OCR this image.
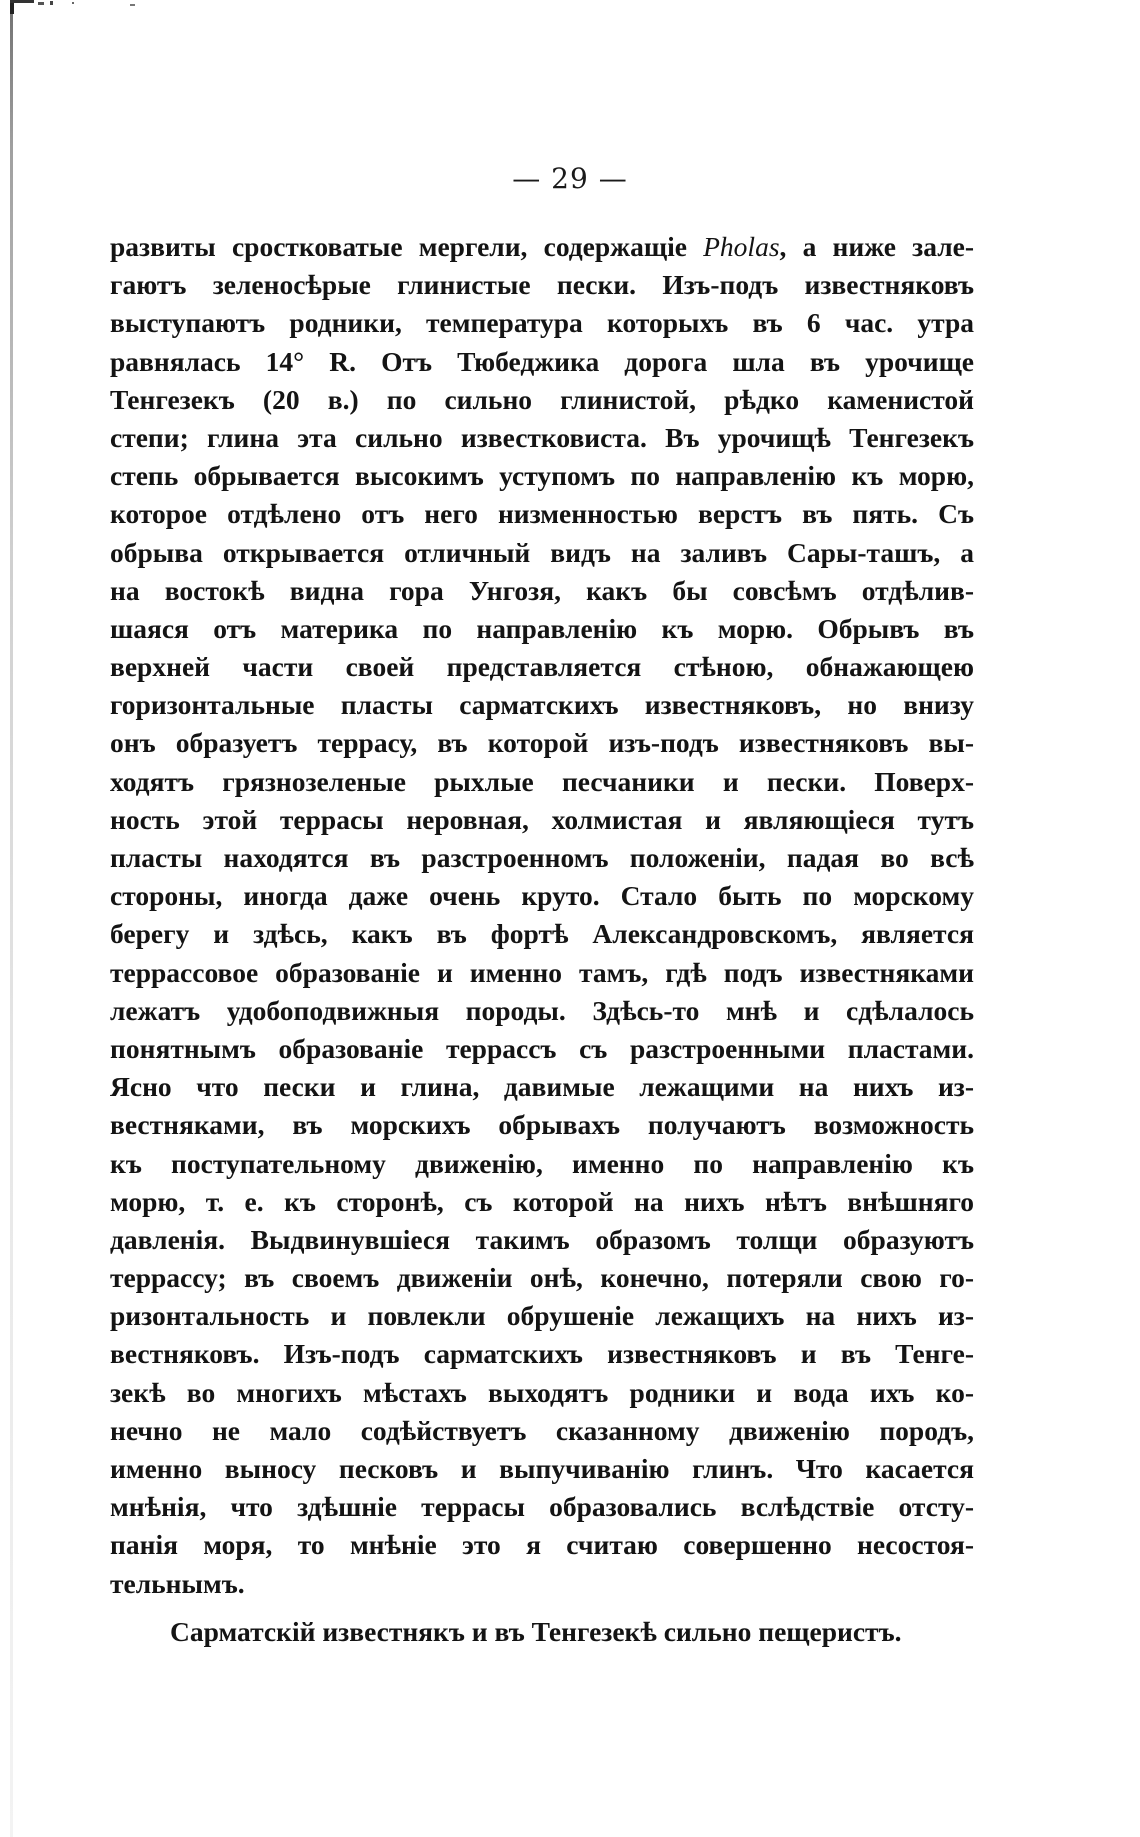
— 29 —
развиты сростковатые мергели, содержащіе Pholas, а ниже зале-
гаютъ зеленосѣрые глинистые пески. Изъ-подъ известняковъ
выступаютъ родники, температура которыхъ въ 6 час. утра
равнялась 14° R. Отъ Тюбеджика дорога шла въ урочище
Тенгезекъ (20 в.) по сильно глинистой, рѣдко каменистой
степи; глина эта сильно известковиста. Въ урочищѣ Тенгезекъ
степь обрывается высокимъ уступомъ по направленію къ морю,
которое отдѣлено отъ него низменностью верстъ въ пять. Съ
обрыва открывается отличный видъ на заливъ Сары-ташъ, а
на востокѣ видна гора Унгозя, какъ бы совсѣмъ отдѣлив-
шаяся отъ материка по направленію къ морю. Обрывъ въ
верхней части своей представляется стѣною, обнажающею
горизонтальные пласты сарматскихъ известняковъ, но внизу
онъ образуетъ террасу, въ которой изъ-подъ известняковъ вы-
ходятъ грязнозеленые рыхлые песчаники и пески. Поверх-
ность этой террасы неровная, холмистая и являющіеся тутъ
пласты находятся въ разстроенномъ положеніи, падая во всѣ
стороны, иногда даже очень круто. Стало быть по морскому
берегу и здѣсь, какъ въ фортѣ Александровскомъ, является
террассовое образованіе и именно тамъ, гдѣ подъ известняками
лежатъ удобоподвижныя породы. Здѣсь-то мнѣ и сдѣлалось
понятнымъ образованіе террассъ съ разстроенными пластами.
Ясно что пески и глина, давимые лежащими на нихъ из-
вестняками, въ морскихъ обрывахъ получаютъ возможность
къ поступательному движенію, именно по направленію къ
морю, т. е. къ сторонѣ, съ которой на нихъ нѣтъ внѣшняго
давленія. Выдвинувшіеся такимъ образомъ толщи образуютъ
террассу; въ своемъ движеніи онѣ, конечно, потеряли свою го-
ризонтальность и повлекли обрушеніе лежащихъ на нихъ из-
вестняковъ. Изъ-подъ сарматскихъ известняковъ и въ Тенге-
зекѣ во многихъ мѣстахъ выходятъ родники и вода ихъ ко-
нечно не мало содѣйствуетъ сказанному движенію породъ,
именно выносу песковъ и выпучиванію глинъ. Что касается
мнѣнія, что здѣшніе террасы образовались вслѣдствіе отсту-
панія моря, то мнѣніе это я считаю совершенно несостоя-
тельнымъ.
Сарматскій известнякъ и въ Тенгезекѣ сильно пещеристъ.
